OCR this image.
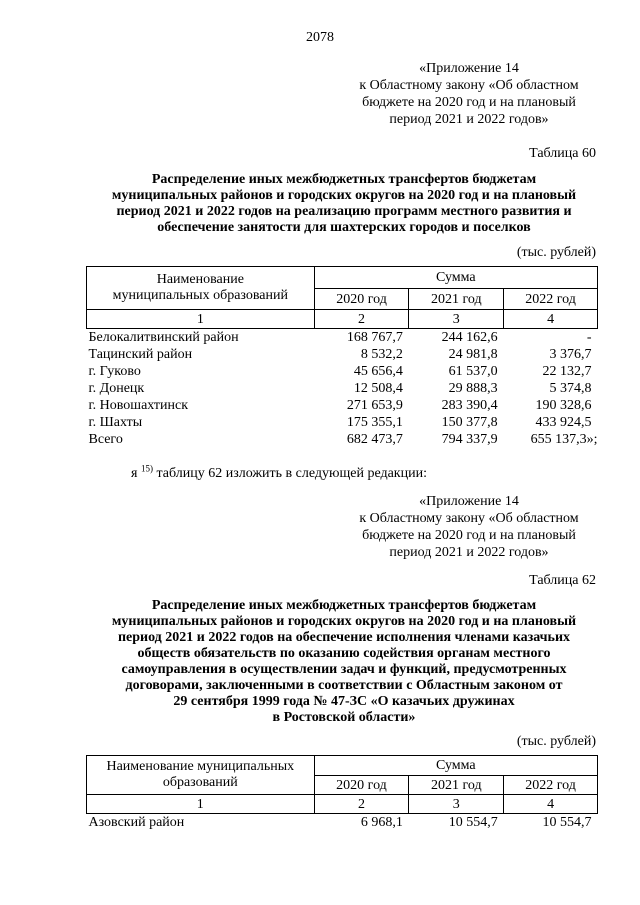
2078
«Приложение 14
к Областному закону «Об областном
бюджете на 2020 год и на плановый
период 2021 и 2022 годов»
Таблица 60
Распределение иных межбюджетных трансфертов бюджетам
муниципальных районов и городских округов на 2020 год и на плановый
период 2021 и 2022 годов на реализацию программ местного развития и
обеспечение занятости для шахтерских городов и поселков
(тыс. рублей)
Наименование муниципальных образований	Сумма		
	2020 год	2021 год	2022 год
1	2	3	4
Белокалитвинский район	168 767,7	244 162,6	-
Тацинский район	8 532,2	24 981,8	3 376,7
г. Гуково	45 656,4	61 537,0	22 132,7
г. Донецк	12 508,4	29 888,3	5 374,8
г. Новошахтинск	271 653,9	283 390,4	190 328,6
г. Шахты	175 355,1	150 377,8	433 924,5
Всего	682 473,7	794 337,9	655 137,3»;
я $^{15)}$ таблицу 62 изложить в следующей редакции:
«Приложение 14
к Областному закону «Об областном
бюджете на 2020 год и на плановый
период 2021 и 2022 годов»
Таблица 62
Распределение иных межбюджетных трансфертов бюджетам
муниципальных районов и городских округов на 2020 год и на плановый
период 2021 и 2022 годов на обеспечение исполнения членами казачьих
обществ обязательств по оказанию содействия органам местного
самоуправления в осуществлении задач и функций, предусмотренных
договорами, заключенными в соответствии с Областным законом от
29 сентября 1999 года № 47-ЗС «О казачьих дружинах
в Ростовской области»
(тыс. рублей)
Наименование муниципальных образований	Сумма		
	2020 год	2021 год	2022 год
1	2	3	4
Азовский район	6 968,1	10 554,7	10 554,7
